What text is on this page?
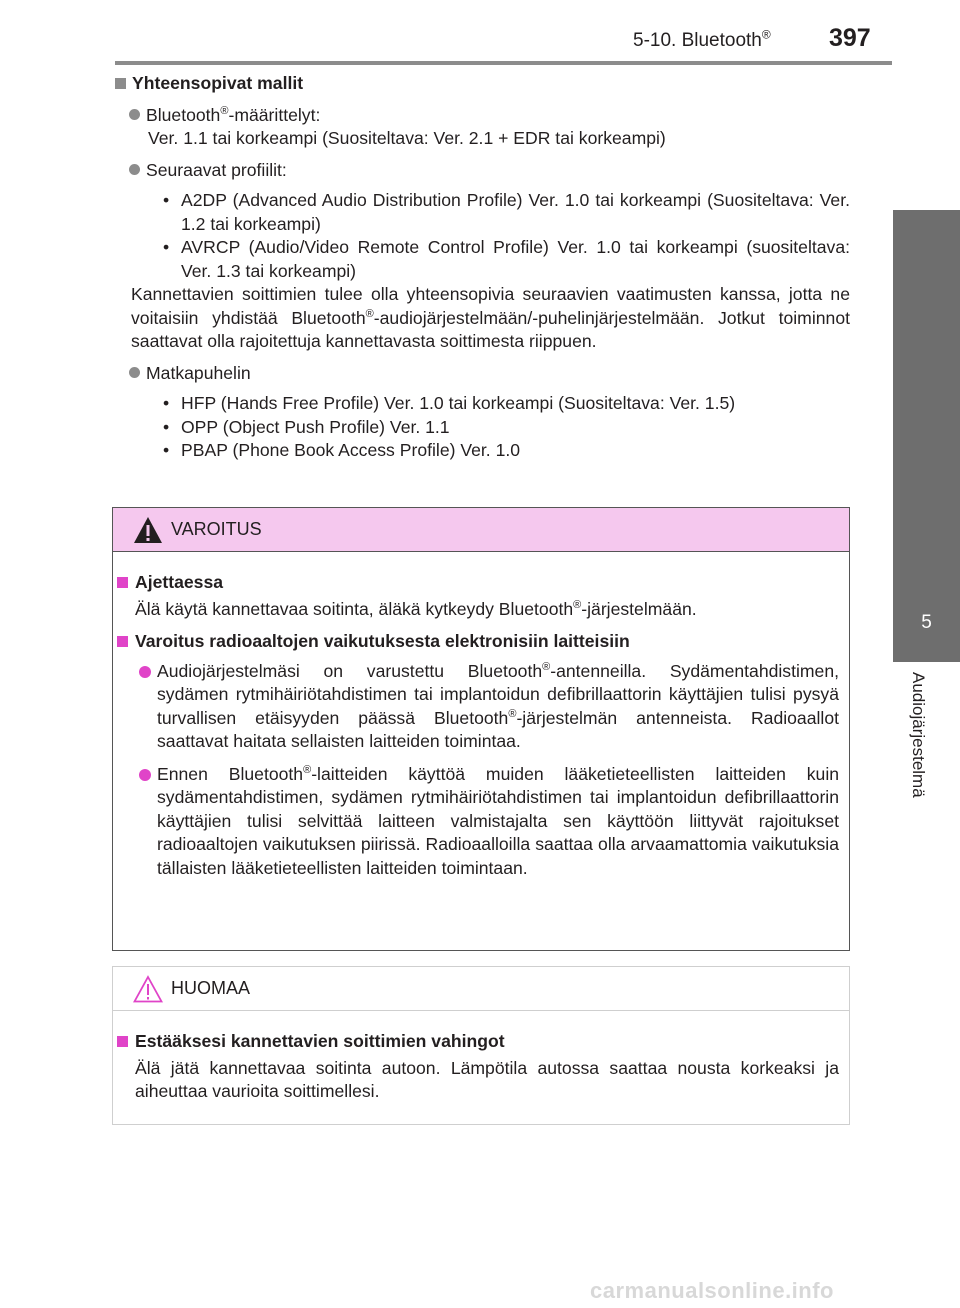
5-10. Bluetooth® 397
5
Audiojärjestelmä
Yhteensopivat mallit
Bluetooth®-määrittelyt:
Ver. 1.1 tai korkeampi (Suositeltava: Ver. 2.1 + EDR tai korkeampi)
Seuraavat profiilit:
• A2DP (Advanced Audio Distribution Profile) Ver. 1.0 tai korkeampi (Suositeltava: Ver. 1.2 tai korkeampi)
• AVRCP (Audio/Video Remote Control Profile) Ver. 1.0 tai korkeampi (suositeltava: Ver. 1.3 tai korkeampi)
Kannettavien soittimien tulee olla yhteensopivia seuraavien vaatimusten kanssa, jotta ne voitaisiin yhdistää Bluetooth®-audiojärjestelmään/-puhelinjärjestelmään. Jotkut toiminnot saattavat olla rajoitettuja kannettavasta soittimesta riippuen.
Matkapuhelin
• HFP (Hands Free Profile) Ver. 1.0 tai korkeampi (Suositeltava: Ver. 1.5)
• OPP (Object Push Profile) Ver. 1.1
• PBAP (Phone Book Access Profile) Ver. 1.0
VAROITUS
Ajettaessa
Älä käytä kannettavaa soitinta, äläkä kytkeydy Bluetooth®-järjestelmään.
Varoitus radioaaltojen vaikutuksesta elektronisiin laitteisiin
Audiojärjestelmäsi on varustettu Bluetooth®-antenneilla. Sydämentahdistimen, sydämen rytmihäiriötahdistimen tai implantoidun defibrillaattorin käyttäjien tulisi pysyä turvallisen etäisyyden päässä Bluetooth®-järjestelmän antenneista. Radioaallot saattavat haitata sellaisten laitteiden toimintaa.
Ennen Bluetooth®-laitteiden käyttöä muiden lääketieteellisten laitteiden kuin sydämentahdistimen, sydämen rytmihäiriötahdistimen tai implantoidun defibrillaattorin käyttäjien tulisi selvittää laitteen valmistajalta sen käyttöön liittyvät rajoitukset radioaaltojen vaikutuksen piirissä. Radioaalloilla saattaa olla arvaamattomia vaikutuksia tällaisten lääketieteellisten laitteiden toimintaan.
HUOMAA
Estääksesi kannettavien soittimien vahingot
Älä jätä kannettavaa soitinta autoon. Lämpötila autossa saattaa nousta korkeaksi ja aiheuttaa vaurioita soittimellesi.
carmanualsonline.info
